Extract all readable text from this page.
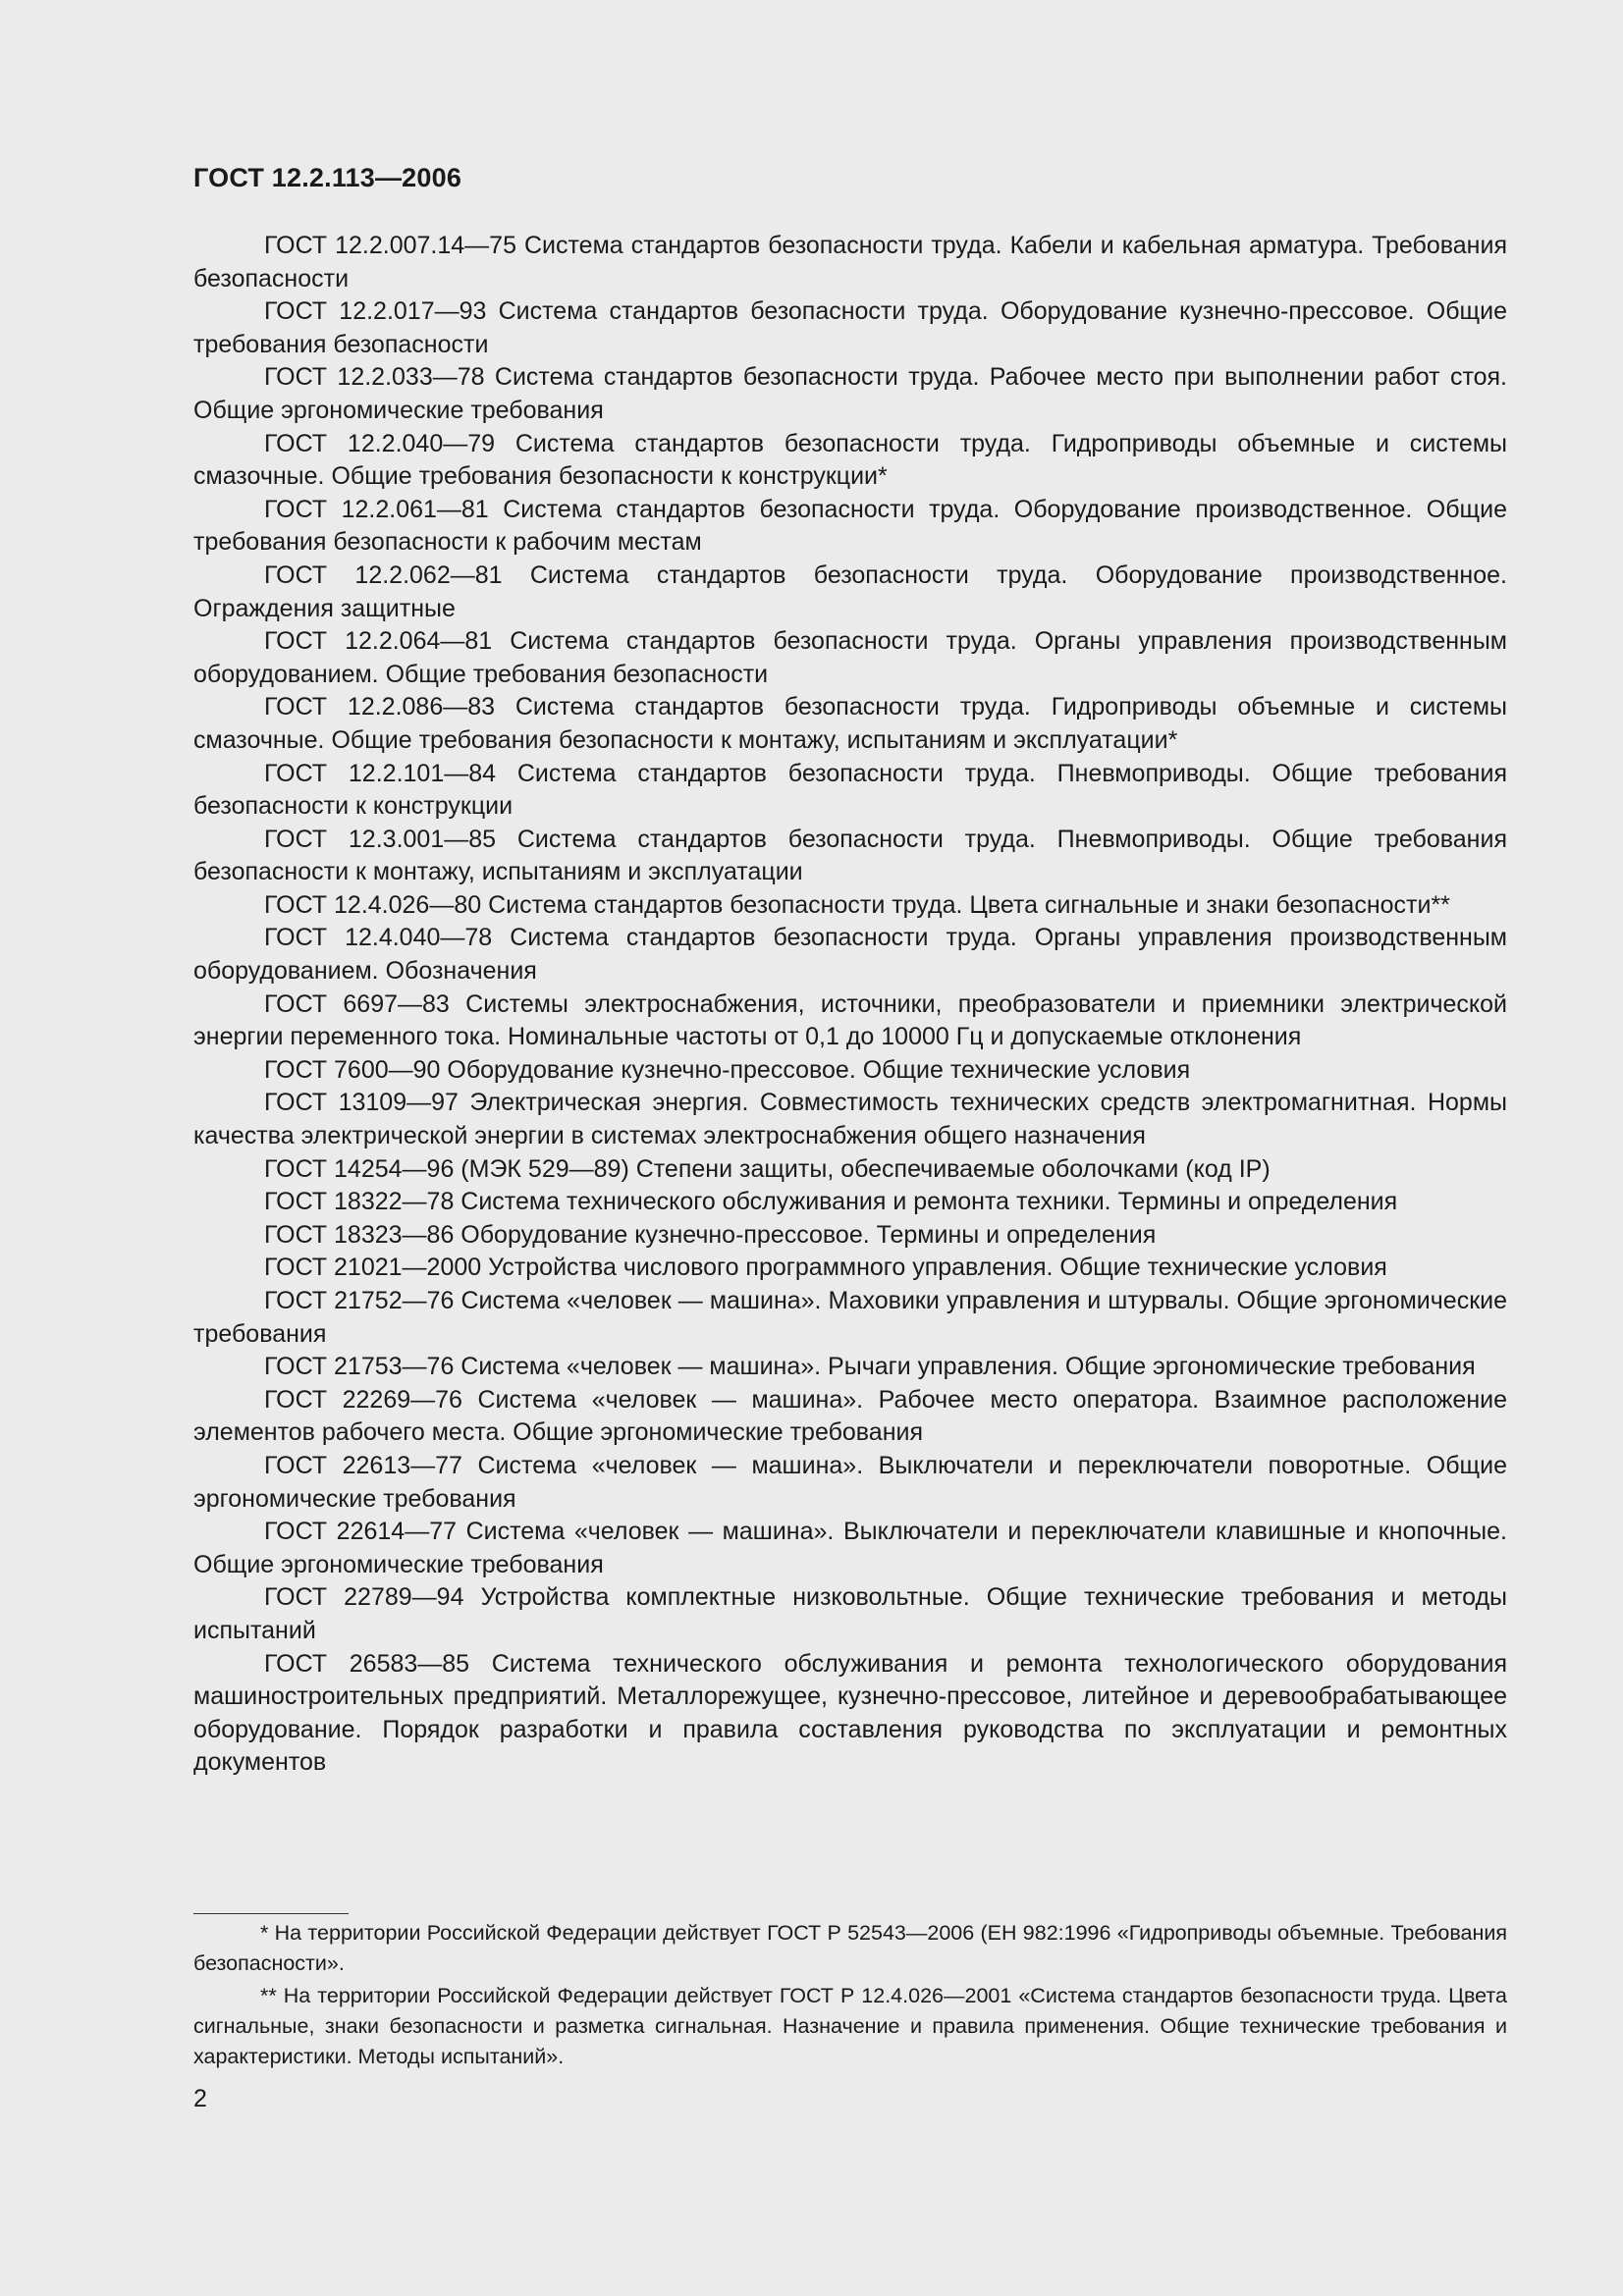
ГОСТ 12.2.113—2006

ГОСТ 12.2.007.14—75 Система стандартов безопасности труда. Кабели и кабельная арматура. Требования безопасности

ГОСТ 12.2.017—93 Система стандартов безопасности труда. Оборудование кузнечно-прессовое. Общие требования безопасности

ГОСТ 12.2.033—78 Система стандартов безопасности труда. Рабочее место при выполнении работ стоя. Общие эргономические требования

ГОСТ 12.2.040—79 Система стандартов безопасности труда. Гидроприводы объемные и системы смазочные. Общие требования безопасности к конструкции*

ГОСТ 12.2.061—81 Система стандартов безопасности труда. Оборудование производственное. Общие требования безопасности к рабочим местам

ГОСТ 12.2.062—81 Система стандартов безопасности труда. Оборудование производственное. Ограждения защитные

ГОСТ 12.2.064—81 Система стандартов безопасности труда. Органы управления производственным оборудованием. Общие требования безопасности

ГОСТ 12.2.086—83 Система стандартов безопасности труда. Гидроприводы объемные и системы смазочные. Общие требования безопасности к монтажу, испытаниям и эксплуатации*

ГОСТ 12.2.101—84 Система стандартов безопасности труда. Пневмоприводы. Общие требования безопасности к конструкции

ГОСТ 12.3.001—85 Система стандартов безопасности труда. Пневмоприводы. Общие требования безопасности к монтажу, испытаниям и эксплуатации

ГОСТ 12.4.026—80 Система стандартов безопасности труда. Цвета сигнальные и знаки безопасности**

ГОСТ 12.4.040—78 Система стандартов безопасности труда. Органы управления производственным оборудованием. Обозначения

ГОСТ 6697—83 Системы электроснабжения, источники, преобразователи и приемники электрической энергии переменного тока. Номинальные частоты от 0,1 до 10000 Гц и допускаемые отклонения

ГОСТ 7600—90 Оборудование кузнечно-прессовое. Общие технические условия

ГОСТ 13109—97 Электрическая энергия. Совместимость технических средств электромагнитная. Нормы качества электрической энергии в системах электроснабжения общего назначения

ГОСТ 14254—96 (МЭК 529—89) Степени защиты, обеспечиваемые оболочками (код IP)

ГОСТ 18322—78 Система технического обслуживания и ремонта техники. Термины и определения

ГОСТ 18323—86 Оборудование кузнечно-прессовое. Термины и определения

ГОСТ 21021—2000 Устройства числового программного управления. Общие технические условия

ГОСТ 21752—76 Система «человек — машина». Маховики управления и штурвалы. Общие эргономические требования

ГОСТ 21753—76 Система «человек — машина». Рычаги управления. Общие эргономические требования

ГОСТ 22269—76 Система «человек — машина». Рабочее место оператора. Взаимное расположение элементов рабочего места. Общие эргономические требования

ГОСТ 22613—77 Система «человек — машина». Выключатели и переключатели поворотные. Общие эргономические требования

ГОСТ 22614—77 Система «человек — машина». Выключатели и переключатели клавишные и кнопочные. Общие эргономические требования

ГОСТ 22789—94 Устройства комплектные низковольтные. Общие технические требования и методы испытаний

ГОСТ 26583—85 Система технического обслуживания и ремонта технологического оборудования машиностроительных предприятий. Металлорежущее, кузнечно-прессовое, литейное и деревообрабатывающее оборудование. Порядок разработки и правила составления руководства по эксплуатации и ремонтных документов

* На территории Российской Федерации действует ГОСТ Р 52543—2006 (ЕН 982:1996 «Гидроприводы объемные. Требования безопасности».

** На территории Российской Федерации действует ГОСТ Р 12.4.026—2001 «Система стандартов безопасности труда. Цвета сигнальные, знаки безопасности и разметка сигнальная. Назначение и правила применения. Общие технические требования и характеристики. Методы испытаний».

2
